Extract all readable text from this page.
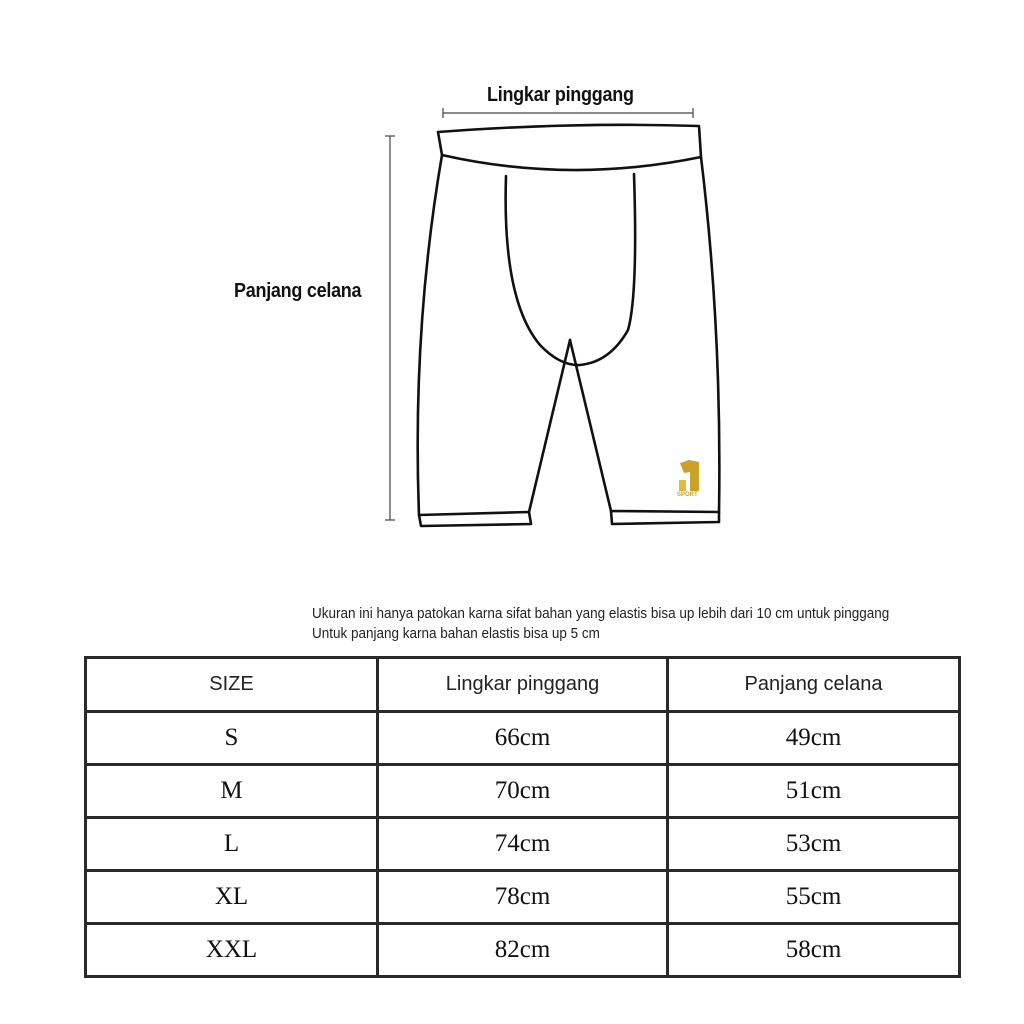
SPORT
Lingkar pinggang
Panjang celana
Ukuran ini hanya patokan karna sifat bahan yang elastis bisa up lebih dari 10 cm untuk pinggang
Untuk panjang karna bahan elastis bisa up 5 cm
SIZE	Lingkar pinggang	Panjang celana
S	66cm	49cm
M	70cm	51cm
L	74cm	53cm
XL	78cm	55cm
XXL	82cm	58cm
